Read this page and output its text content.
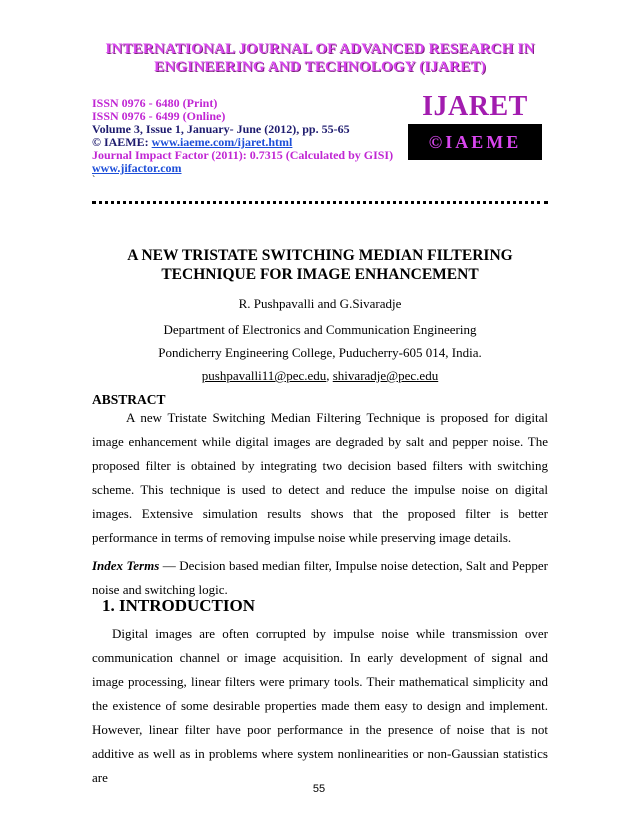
INTERNATIONAL JOURNAL OF ADVANCED RESEARCH IN
ENGINEERING AND TECHNOLOGY (IJARET)
ISSN 0976 - 6480 (Print)
ISSN 0976 - 6499 (Online)
Volume 3, Issue 1, January- June (2012), pp. 55-65
© IAEME: www.iaeme.com/ijaret.html
Journal Impact Factor (2011): 0.7315 (Calculated by GISI)
www.jifactor.com
`
IJARET
©IAEME
A NEW TRISTATE SWITCHING MEDIAN FILTERING
TECHNIQUE FOR IMAGE ENHANCEMENT
R. Pushpavalli and G.Sivaradje
Department of Electronics and Communication Engineering
Pondicherry Engineering College, Puducherry-605 014, India.
pushpavalli11@pec.edu, shivaradje@pec.edu
ABSTRACT
A new Tristate Switching Median Filtering Technique is proposed for digital image enhancement while digital images are degraded by salt and pepper noise. The proposed filter is obtained by integrating two decision based filters with switching scheme. This technique is used to detect and reduce the impulse noise on digital images. Extensive simulation results shows that the proposed filter is better performance in terms of removing impulse noise while preserving image details.
Index Terms — Decision based median filter, Impulse noise detection, Salt and Pepper noise and switching logic.
1. INTRODUCTION
Digital images are often corrupted by impulse noise while transmission over communication channel or image acquisition. In early development of signal and image processing, linear filters were primary tools. Their mathematical simplicity and the existence of some desirable properties made them easy to design and implement. However, linear filter have poor performance in the presence of noise that is not additive as well as in problems where system nonlinearities or non-Gaussian statistics are
55
